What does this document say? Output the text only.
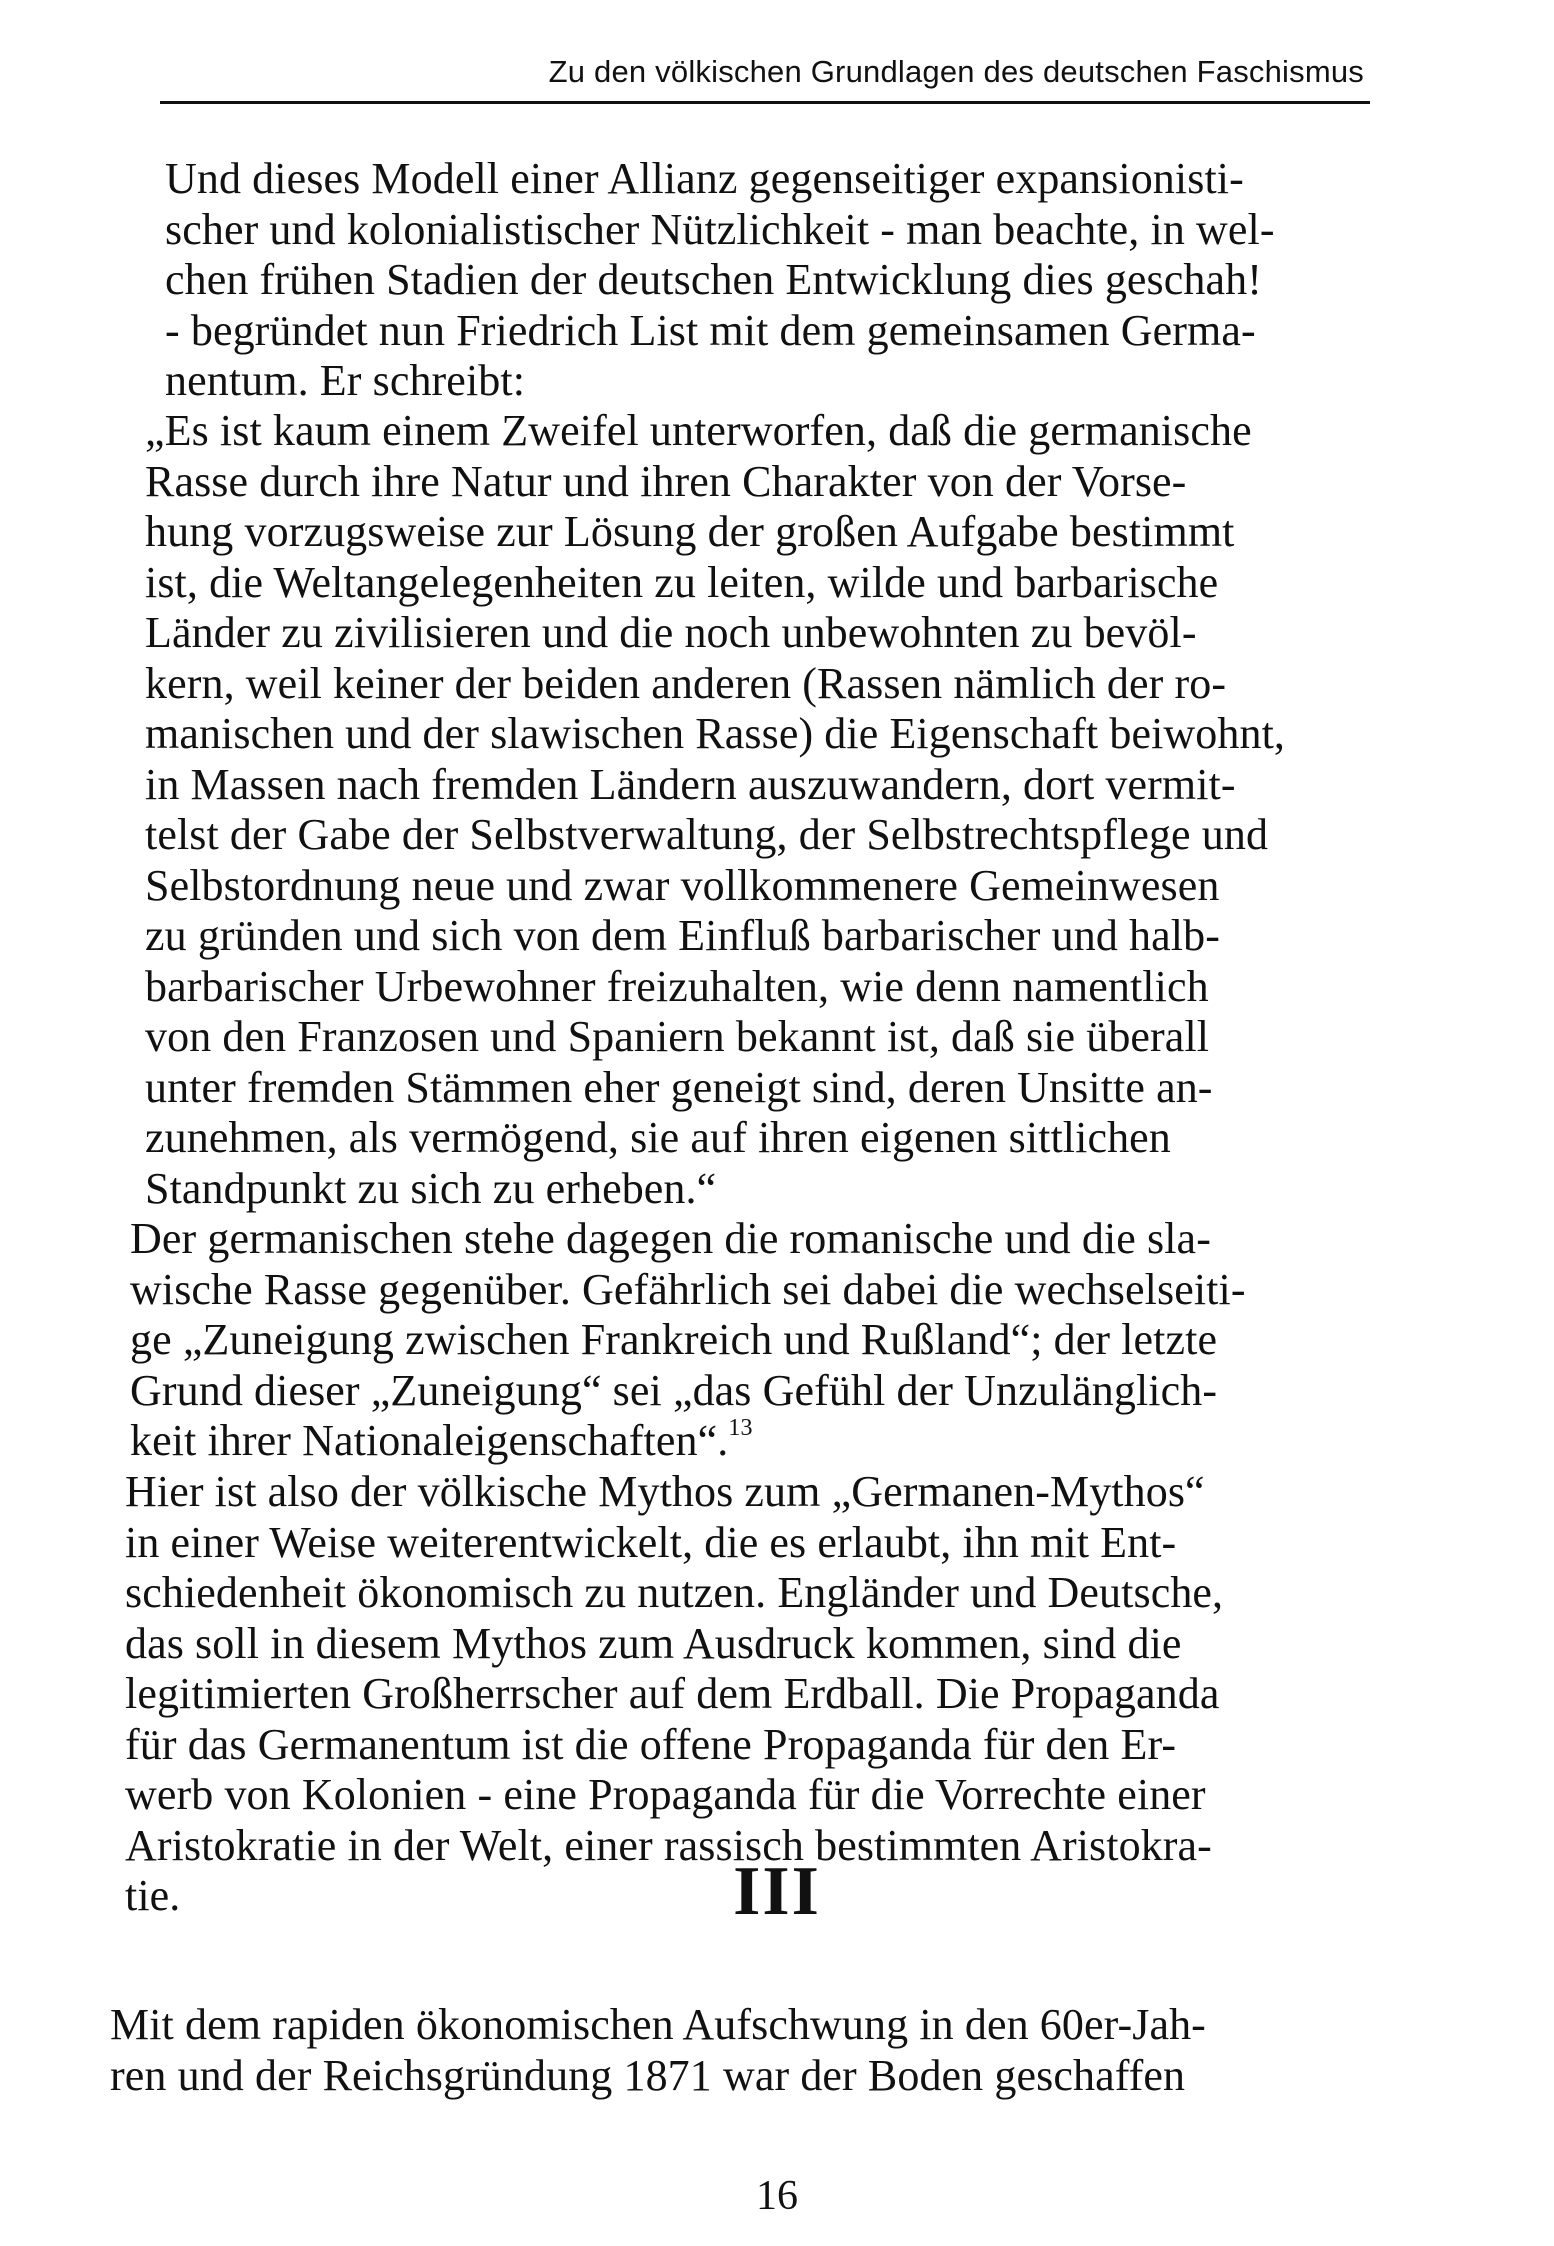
Zu den völkischen Grundlagen des deutschen Faschismus
Und dieses Modell einer Allianz gegenseitiger expansionisti-
scher und kolonialistischer Nützlichkeit - man beachte, in wel-
chen frühen Stadien der deutschen Entwicklung dies geschah!
- begründet nun Friedrich List mit dem gemeinsamen Germa-
nentum. Er schreibt:
„Es ist kaum einem Zweifel unterworfen, daß die germanische
Rasse durch ihre Natur und ihren Charakter von der Vorse-
hung vorzugsweise zur Lösung der großen Aufgabe bestimmt
ist, die Weltangelegenheiten zu leiten, wilde und barbarische
Länder zu zivilisieren und die noch unbewohnten zu bevöl-
kern, weil keiner der beiden anderen (Rassen nämlich der ro-
manischen und der slawischen Rasse) die Eigenschaft beiwohnt,
in Massen nach fremden Ländern auszuwandern, dort vermit-
telst der Gabe der Selbstverwaltung, der Selbstrechtspflege und
Selbstordnung neue und zwar vollkommenere Gemeinwesen
zu gründen und sich von dem Einfluß barbarischer und halb-
barbarischer Urbewohner freizuhalten, wie denn namentlich
von den Franzosen und Spaniern bekannt ist, daß sie überall
unter fremden Stämmen eher geneigt sind, deren Unsitte an-
zunehmen, als vermögend, sie auf ihren eigenen sittlichen
Standpunkt zu sich zu erheben.“
Der germanischen stehe dagegen die romanische und die sla-
wische Rasse gegenüber. Gefährlich sei dabei die wechselseiti-
ge „Zuneigung zwischen Frankreich und Rußland“; der letzte
Grund dieser „Zuneigung“ sei „das Gefühl der Unzulänglich-
keit ihrer Nationaleigenschaften“.$^{13}$
Hier ist also der völkische Mythos zum „Germanen-Mythos“
in einer Weise weiterentwickelt, die es erlaubt, ihn mit Ent-
schiedenheit ökonomisch zu nutzen. Engländer und Deutsche,
das soll in diesem Mythos zum Ausdruck kommen, sind die
legitimierten Großherrscher auf dem Erdball. Die Propaganda
für das Germanentum ist die offene Propaganda für den Er-
werb von Kolonien - eine Propaganda für die Vorrechte einer
Aristokratie in der Welt, einer rassisch bestimmten Aristokra-
tie.	III
Mit dem rapiden ökonomischen Aufschwung in den 60er-Jah-
ren und der Reichsgründung 1871 war der Boden geschaffen
16
